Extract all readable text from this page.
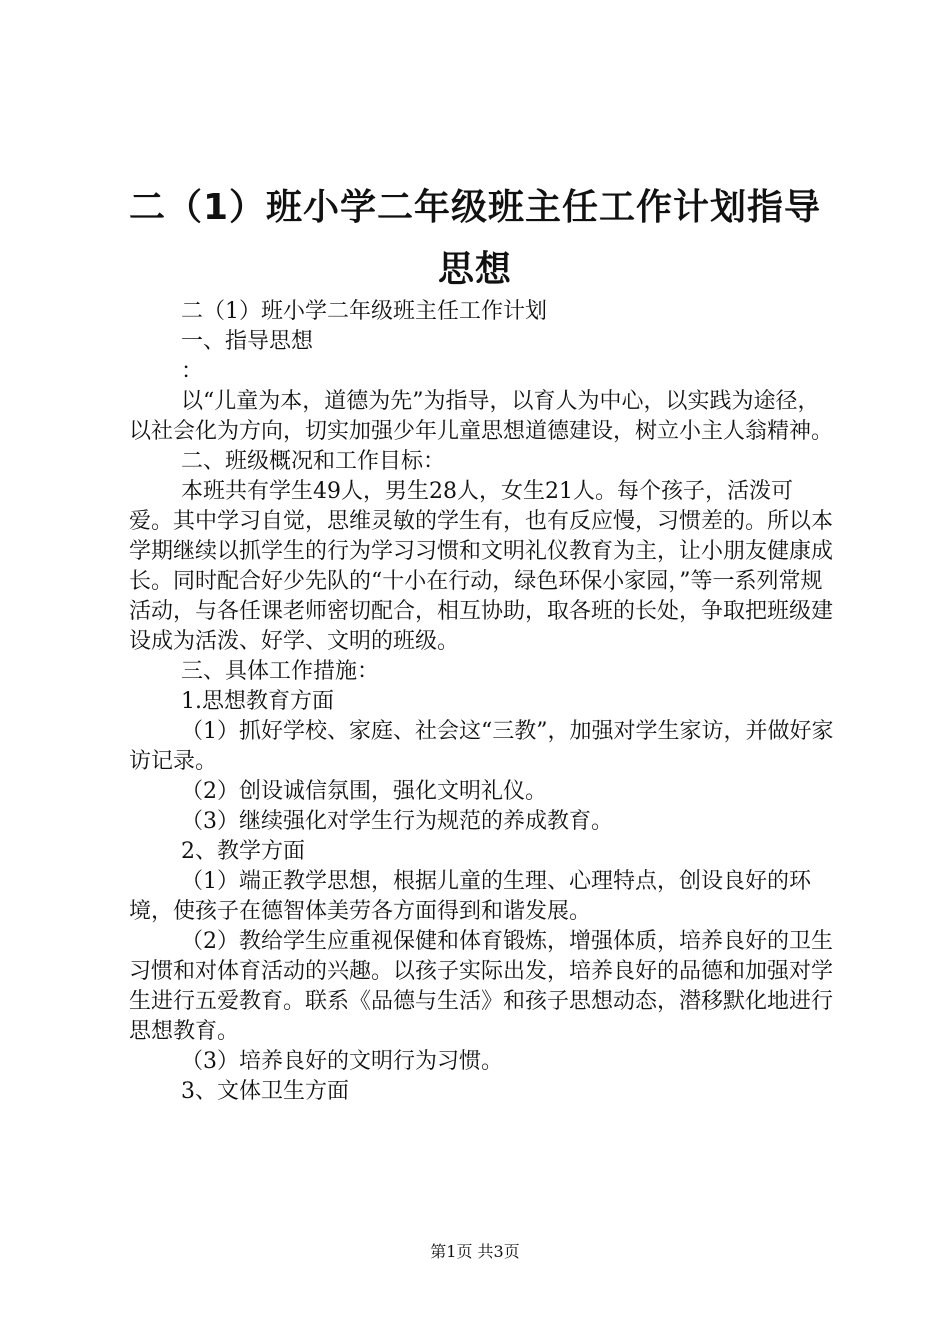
二（1）班小学二年级班主任工作计划指导思想

二（1）班小学二年级班主任工作计划

一、指导思想

：

以“儿童为本，道德为先”为指导，以育人为中心，以实践为途径，以社会化为方向，切实加强少年儿童思想道德建设，树立小主人翁精神。

二、班级概况和工作目标：

本班共有学生49人，男生28人，女生21人。每个孩子，活泼可爱。其中学习自觉，思维灵敏的学生有，也有反应慢，习惯差的。所以本学期继续以抓学生的行为学习习惯和文明礼仪教育为主，让小朋友健康成长。同时配合好少先队的“十小在行动，绿色环保小家园，”等一系列常规活动，与各任课老师密切配合，相互协助，取各班的长处，争取把班级建设成为活泼、好学、文明的班级。

三、具体工作措施：

1.思想教育方面

（1）抓好学校、家庭、社会这“三教”，加强对学生家访，并做好家访记录。

（2）创设诚信氛围，强化文明礼仪。

（3）继续强化对学生行为规范的养成教育。

2、教学方面

（1）端正教学思想，根据儿童的生理、心理特点，创设良好的环境，使孩子在德智体美劳各方面得到和谐发展。

（2）教给学生应重视保健和体育锻炼，增强体质，培养良好的卫生习惯和对体育活动的兴趣。以孩子实际出发，培养良好的品德和加强对学生进行五爱教育。联系《品德与生活》和孩子思想动态，潜移默化地进行思想教育。

（3）培养良好的文明行为习惯。

3、文体卫生方面

第1页 共3页
